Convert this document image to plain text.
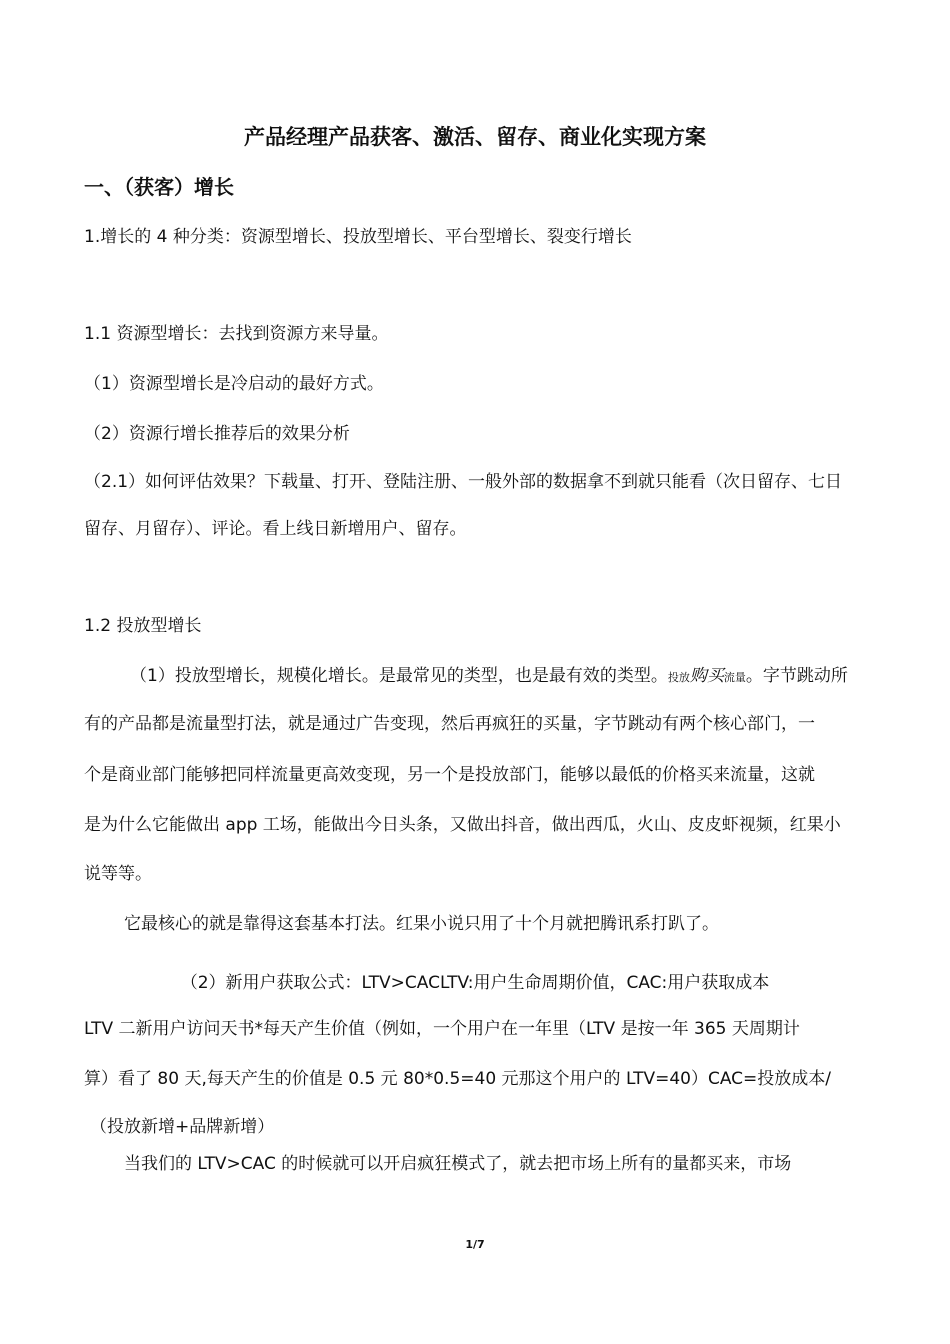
产品经理产品获客、激活、留存、商业化实现方案
一、（获客）增长
1.增长的 4 种分类：资源型增长、投放型增长、平台型增长、裂变行增长
1.1 资源型增长：去找到资源方来导量。
（1）资源型增长是冷启动的最好方式。
（2）资源行增长推荐后的效果分析
（2.1）如何评估效果？下载量、打开、登陆注册、一般外部的数据拿不到就只能看（次日留存、七日
留存、月留存）、评论。看上线日新增用户、留存。
1.2 投放型增长
（1）投放型增长，规模化增长。是最常见的类型，也是最有效的类型。投放购买流量。字节跳动所
有的产品都是流量型打法，就是通过广告变现，然后再疯狂的买量，字节跳动有两个核心部门，一
个是商业部门能够把同样流量更高效变现，另一个是投放部门，能够以最低的价格买来流量，这就
是为什么它能做出 app 工场，能做出今日头条，又做出抖音，做出西瓜，火山、皮皮虾视频，红果小
说等等。
它最核心的就是靠得这套基本打法。红果小说只用了十个月就把腾讯系打趴了。
（2）新用户获取公式：LTV>CACLTV:用户生命周期价值，CAC:用户获取成本
LTV 二新用户访问天书*每天产生价值（例如，一个用户在一年里（LTV 是按一年 365 天周期计
算）看了 80 天,每天产生的价值是 0.5 元 80*0.5=40 元那这个用户的 LTV=40）CAC=投放成本/
（投放新增+品牌新增）
当我们的 LTV>CAC 的时候就可以开启疯狂模式了，就去把市场上所有的量都买来，市场
1/7
